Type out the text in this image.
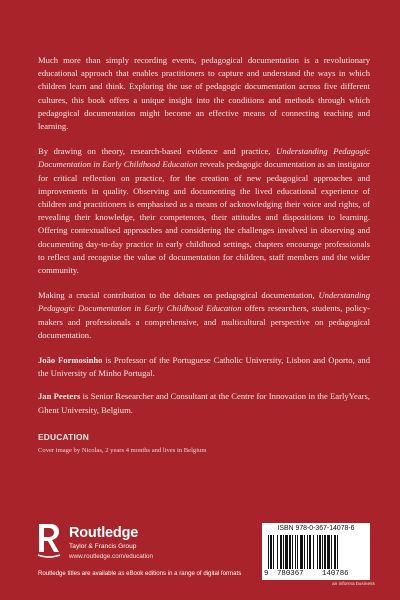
Much more than simply recording events, pedagogical documentation is a revolutionary educational approach that enables practitioners to capture and understand the ways in which children learn and think. Exploring the use of pedagogic documentation across five different cultures, this book offers a unique insight into the conditions and methods through which pedagogical documentation might become an effective means of connecting teaching and learning.

By drawing on theory, research-based evidence and practice, Understanding Pedagogic Documentation in Early Childhood Education reveals pedagogic documentation as an instigator for critical reflection on practice, for the creation of new pedagogical approaches and improvements in quality. Observing and documenting the lived educational experience of children and practitioners is emphasised as a means of acknowledging their voice and rights, of revealing their knowledge, their competences, their attitudes and dispositions to learning. Offering contextualised approaches and considering the challenges involved in observing and documenting day-to-day practice in early childhood settings, chapters encourage professionals to reflect and recognise the value of documentation for children, staff members and the wider community.

Making a crucial contribution to the debates on pedagogical documentation, Understanding Pedagogic Documentation in Early Childhood Education offers researchers, students, policy-makers and professionals a comprehensive, and multicultural perspective on pedagogical documentation.

João Formosinho is Professor of the Portuguese Catholic University, Lisbon and Oporto, and the University of Minho Portugal.

Jan Peeters is Senior Researcher and Consultant at the Centre for Innovation in the EarlyYears, Ghent University, Belgium.

EDUCATION
Cover image by Nicolas, 2 years 4 months and lives in Belgium
Routledge
Taylor & Francis Group
www.routledge.com/education
Routledge titles are available as eBook editions in a range of digital formats
ISBN 978-0-367-14078-6
9 780367 140786
an informa business
